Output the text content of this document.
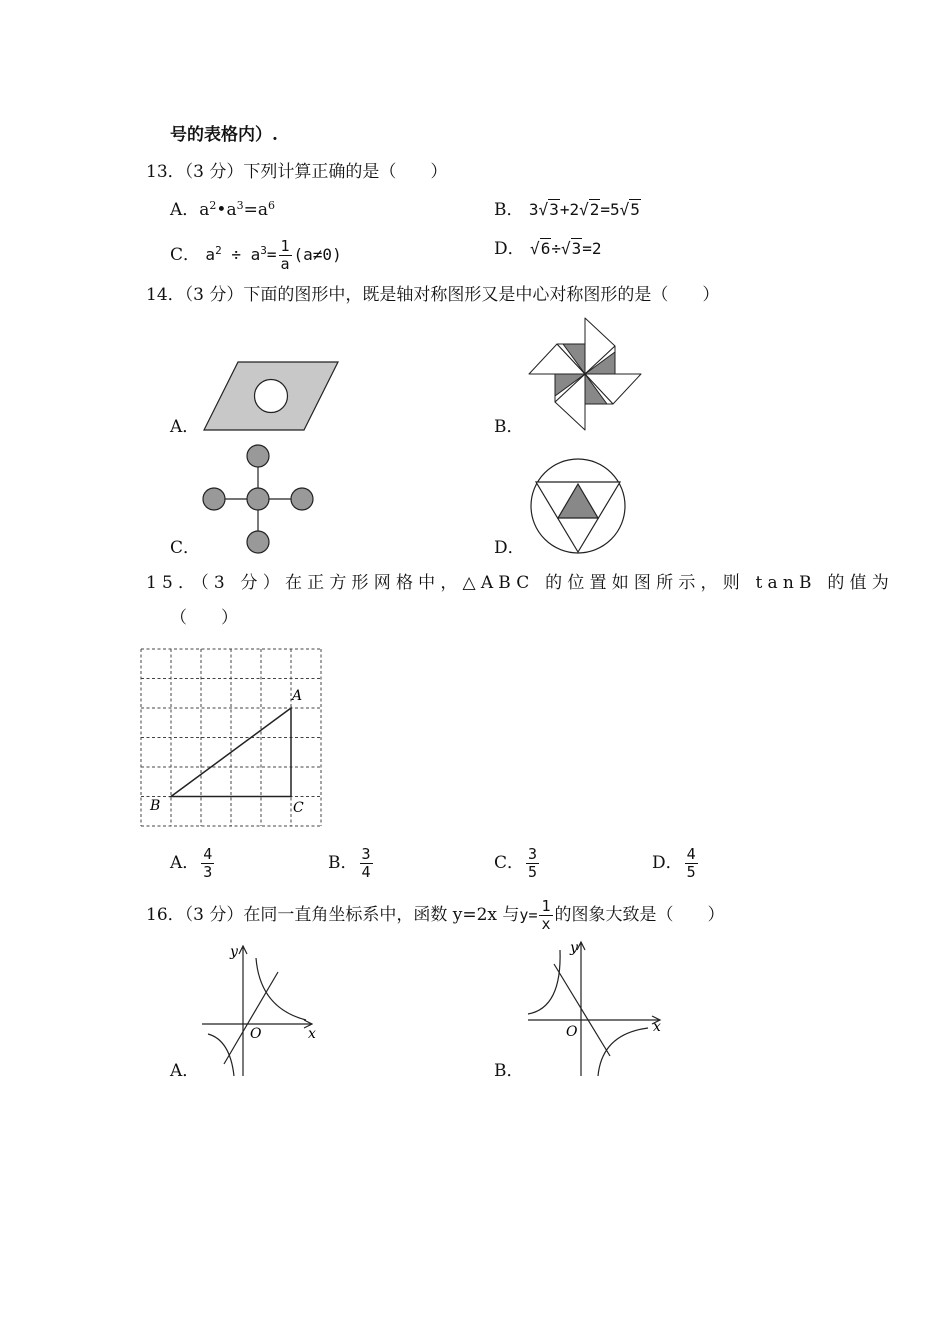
号的表格内）.
13．（3 分）下列计算正确的是（　　）
A．$a^2•a^3=a^6$	B． 3√3+2√2=5√5
C． $a^2 \div a^3= \frac{1}{a} (a\ne 0)$	D． √6÷√3=2
14．（3 分）下面的图形中，既是轴对称图形又是中心对称图形的是（　　）
A．	B．
C．	D．
15．（3 分）在正方形网格中，△ABC 的位置如图所示，则 tanB 的值为
（　　）
A
B	C
A． $\frac{4}{3}$	B． $\frac{3}{4}$	C． $\frac{3}{5}$	D． $\frac{4}{5}$
16．（3 分）在同一直角坐标系中，函数 y=2x 与$y= \frac{1}{x}$ 的图象大致是（　　）
A．	B．
y
x
O
y
x
O
